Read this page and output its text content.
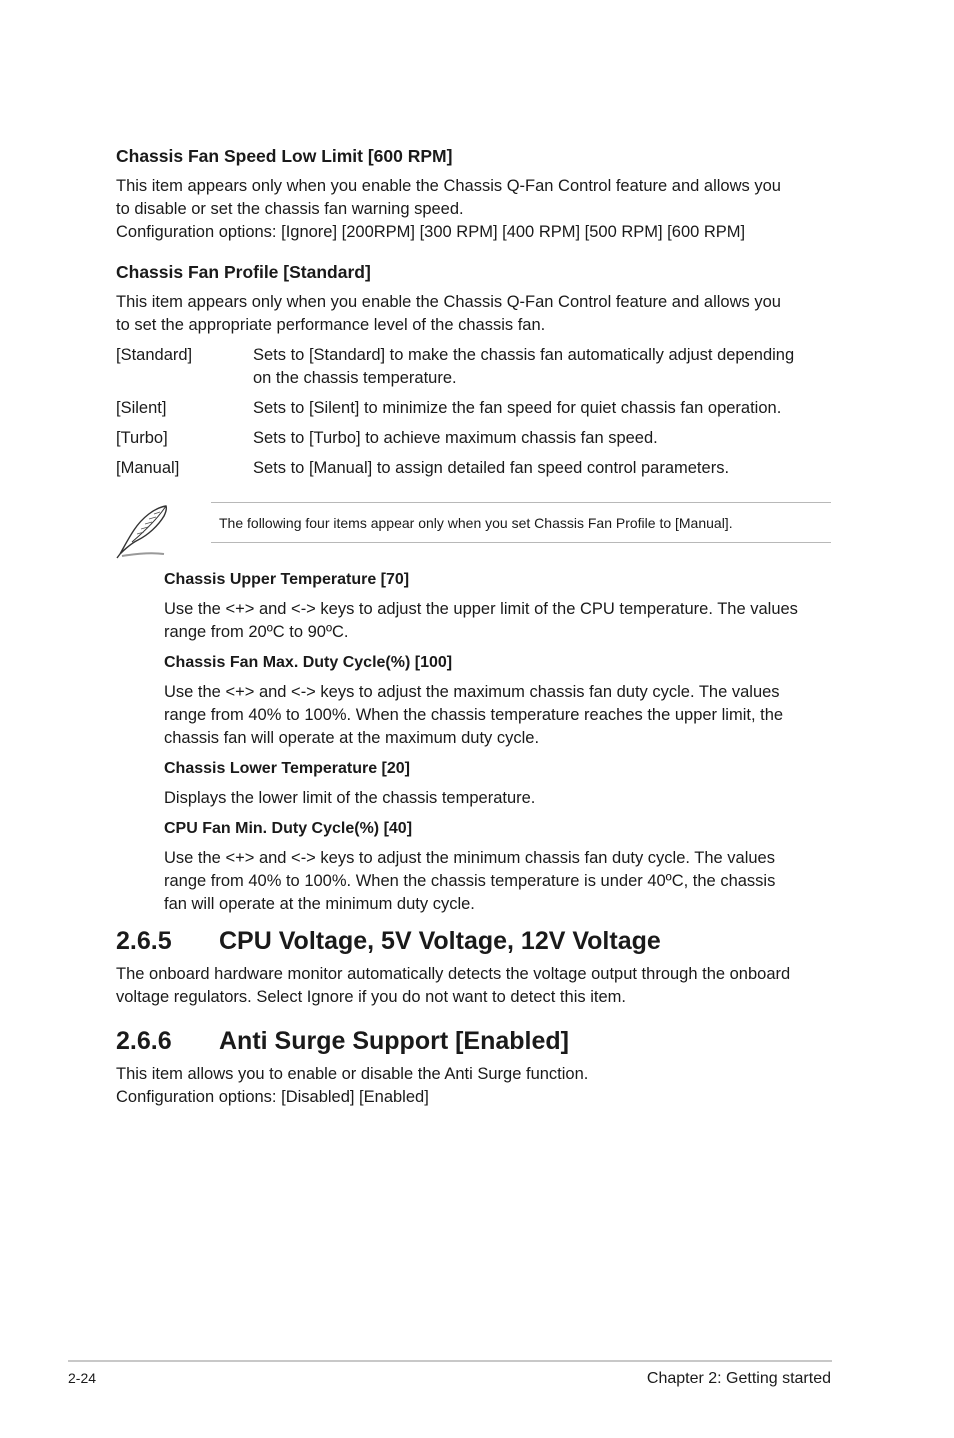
Chassis Fan Speed Low Limit [600 RPM]
This item appears only when you enable the Chassis Q-Fan Control feature and allows you
to disable or set the chassis fan warning speed.
Configuration options: [Ignore] [200RPM] [300 RPM] [400 RPM] [500 RPM] [600 RPM]
Chassis Fan Profile [Standard]
This item appears only when you enable the Chassis Q-Fan Control feature and allows you
to set the appropriate performance level of the chassis fan.
[Standard]	Sets to [Standard] to make the chassis fan automatically adjust depending
on the chassis temperature.
[Silent]	Sets to [Silent] to minimize the fan speed for quiet chassis fan operation.
[Turbo]	Sets to [Turbo] to achieve maximum chassis fan speed.
[Manual]	Sets to [Manual] to assign detailed fan speed control parameters.
The following four items appear only when you set Chassis Fan Profile to [Manual].
Chassis Upper Temperature [70]
Use the <+> and <-> keys to adjust the upper limit of the CPU temperature. The values
range from 20ºC to 90ºC.
Chassis Fan Max. Duty Cycle(%) [100]
Use the <+> and <-> keys to adjust the maximum chassis fan duty cycle. The values
range from 40% to 100%. When the chassis temperature reaches the upper limit, the
chassis fan will operate at the maximum duty cycle.
Chassis Lower Temperature [20]
Displays the lower limit of the chassis temperature.
CPU Fan Min. Duty Cycle(%) [40]
Use the <+> and <-> keys to adjust the minimum chassis fan duty cycle. The values
range from 40% to 100%. When the chassis temperature is under 40ºC, the chassis
fan will operate at the minimum duty cycle.
2.6.5 CPU Voltage, 5V Voltage, 12V Voltage
The onboard hardware monitor automatically detects the voltage output through the onboard
voltage regulators. Select Ignore if you do not want to detect this item.
2.6.6 Anti Surge Support [Enabled]
This item allows you to enable or disable the Anti Surge function.
Configuration options: [Disabled] [Enabled]
2-24	Chapter 2: Getting started
